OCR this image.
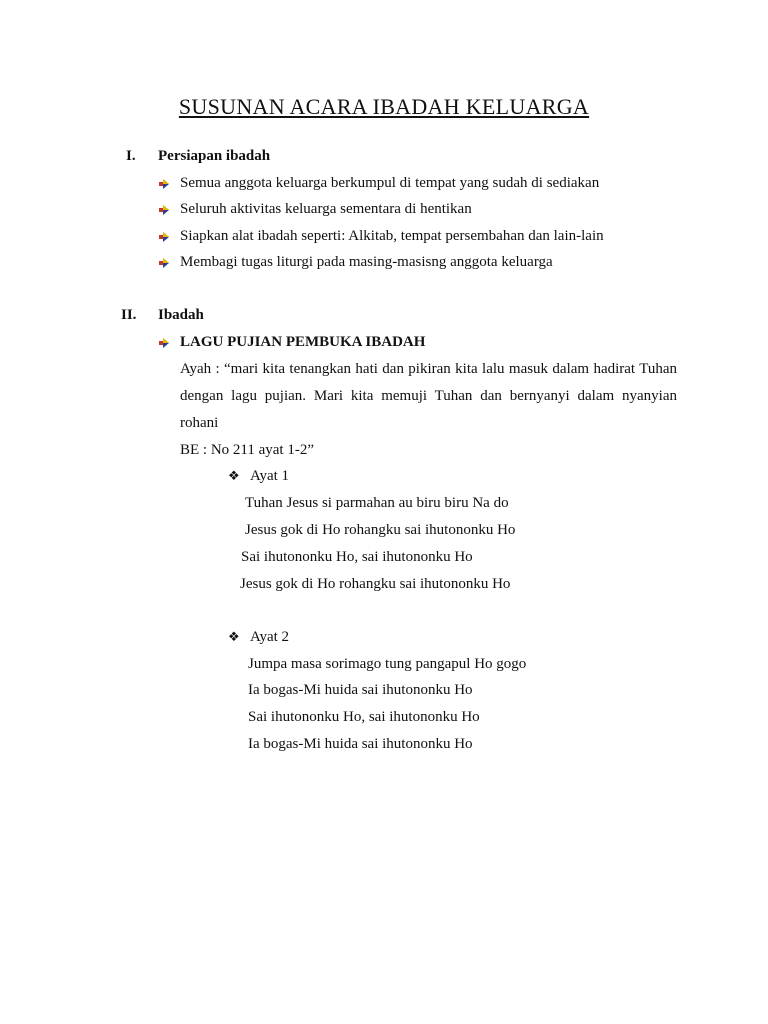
SUSUNAN ACARA IBADAH KELUARGA
I. Persiapan ibadah
Semua anggota keluarga berkumpul di tempat yang sudah di sediakan
Seluruh aktivitas keluarga sementara di hentikan
Siapkan alat ibadah seperti: Alkitab, tempat persembahan dan lain-lain
Membagi tugas liturgi pada masing-masisng anggota keluarga
II. Ibadah
LAGU PUJIAN PEMBUKA IBADAH
Ayah : “mari kita tenangkan hati dan pikiran kita lalu masuk dalam hadirat Tuhan dengan lagu pujian. Mari kita memuji Tuhan dan bernyanyi dalam nyanyian rohani
BE : No 211 ayat 1-2”
❖ Ayat 1
Tuhan Jesus si parmahan au biru biru Na do
Jesus gok di Ho rohangku sai ihutononku Ho
Sai ihutononku Ho, sai ihutononku Ho
Jesus gok di Ho rohangku sai ihutononku Ho
❖ Ayat 2
Jumpa masa sorimago tung pangapul Ho gogo
Ia bogas-Mi huida sai ihutononku Ho
Sai ihutononku Ho, sai ihutononku Ho
Ia bogas-Mi huida sai ihutononku Ho
